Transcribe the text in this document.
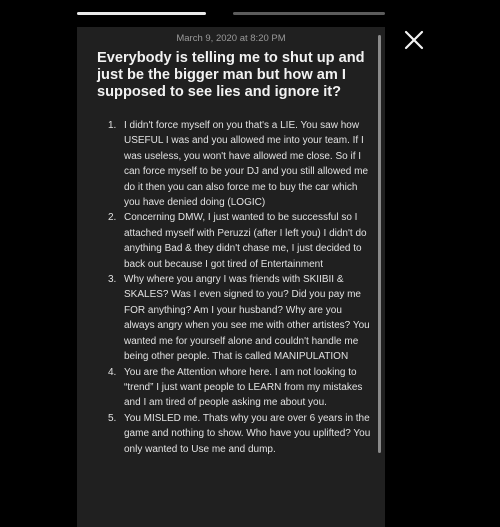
March 9, 2020 at 8:20 PM
Everybody is telling me to shut up and just be the bigger man but how am I supposed to see lies and ignore it?
1. I didn't force myself on you that's a LIE. You saw how USEFUL I was and you allowed me into your team. If I was useless, you won't have allowed me close. So if I can force myself to be your DJ and you still allowed me do it then you can also force me to buy the car which you have denied doing (LOGIC)
2. Concerning DMW, I just wanted to be successful so I attached myself with Peruzzi (after I left you) I didn't do anything Bad & they didn't chase me, I just decided to back out because I got tired of Entertainment
3. Why where you angry I was friends with SKIIBII & SKALES? Was I even signed to you? Did you pay me FOR anything? Am I your husband? Why are you always angry when you see me with other artistes? You wanted me for yourself alone and couldn't handle me being other people. That is called MANIPULATION
4. You are the Attention whore here. I am not looking to “trend” I just want people to LEARN from my mistakes and I am tired of people asking me about you.
5. You MISLED me. Thats why you are over 6 years in the game and nothing to show. Who have you uplifted? You only wanted to Use me and dump.
